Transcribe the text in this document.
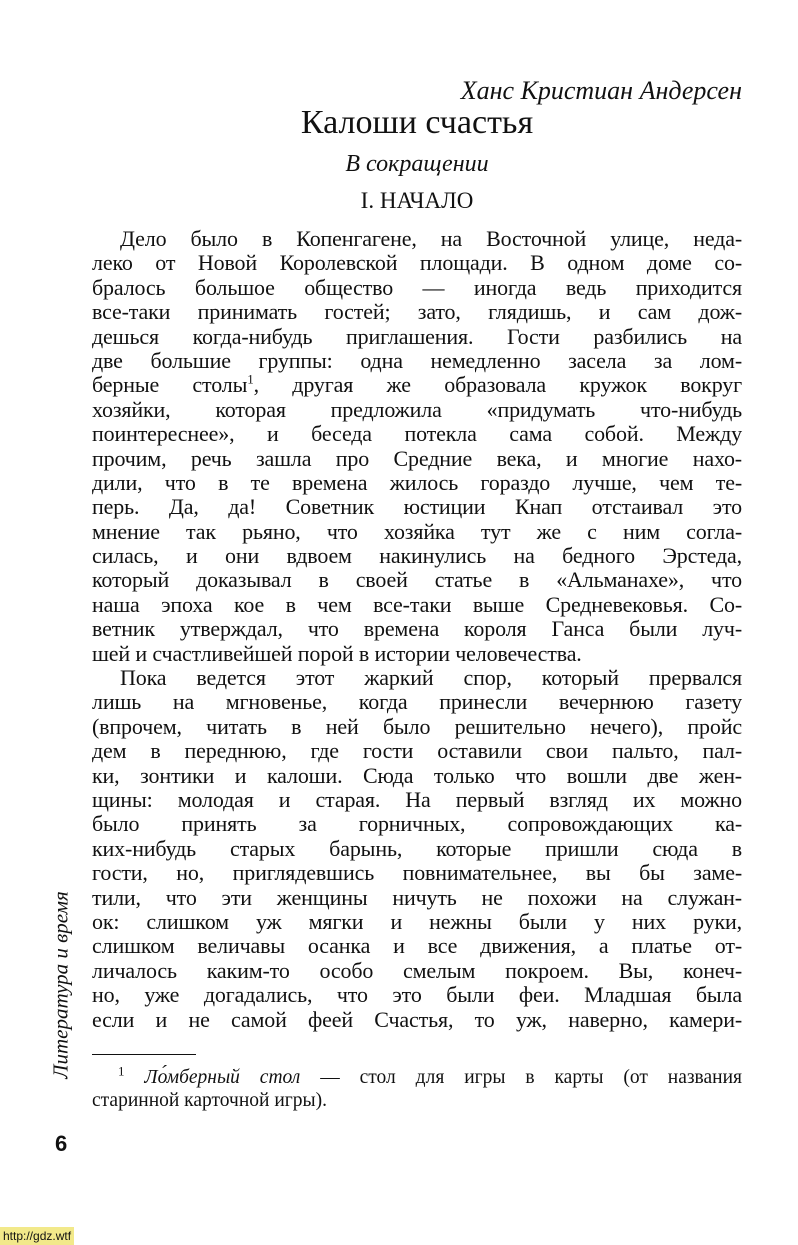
Ханс Кристиан Андерсен
Калоши счастья
В сокращении
I. НАЧАЛО
Дело было в Копенгагене, на Восточной улице, неда-
леко от Новой Королевской площади. В одном доме со-
бралось большое общество — иногда ведь приходится
все-таки принимать гостей; зато, глядишь, и сам дож-
дешься когда-нибудь приглашения. Гости разбились на
две большие группы: одна немедленно засела за лом-
берные столы$^1$, другая же образовала кружок вокруг
хозяйки, которая предложила «придумать что-нибудь
поинтереснее», и беседа потекла сама собой. Между
прочим, речь зашла про Средние века, и многие нахо-
дили, что в те времена жилось гораздо лучше, чем те-
перь. Да, да! Советник юстиции Кнап отстаивал это
мнение так рьяно, что хозяйка тут же с ним согла-
силась, и они вдвоем накинулись на бедного Эрстеда,
который доказывал в своей статье в «Альманахе», что
наша эпоха кое в чем все-таки выше Средневековья. Со-
ветник утверждал, что времена короля Ганса были луч-
шей и счастливейшей порой в истории человечества.
Пока ведется этот жаркий спор, который прервался
лишь на мгновенье, когда принесли вечернюю газету
(впрочем, читать в ней было решительно нечего), пройс
дем в переднюю, где гости оставили свои пальто, пал-
ки, зонтики и калоши. Сюда только что вошли две жен-
щины: молодая и старая. На первый взгляд их можно
было принять за горничных, сопровождающих ка-
ких-нибудь старых барынь, которые пришли сюда в
гости, но, приглядевшись повнимательнее, вы бы заме-
тили, что эти женщины ничуть не похожи на служан-
ок: слишком уж мягки и нежны были у них руки,
слишком величавы осанка и все движения, а платье от-
личалось каким-то особо смелым покроем. Вы, конеч-
но, уже догадались, что это были феи. Младшая была
если и не самой феей Счастья, то уж, наверно, камери-
$^1$ Ло́мберный стол — стол для игры в карты (от названия
старинной карточной игры).
Литература и время
6
http://gdz.wtf
